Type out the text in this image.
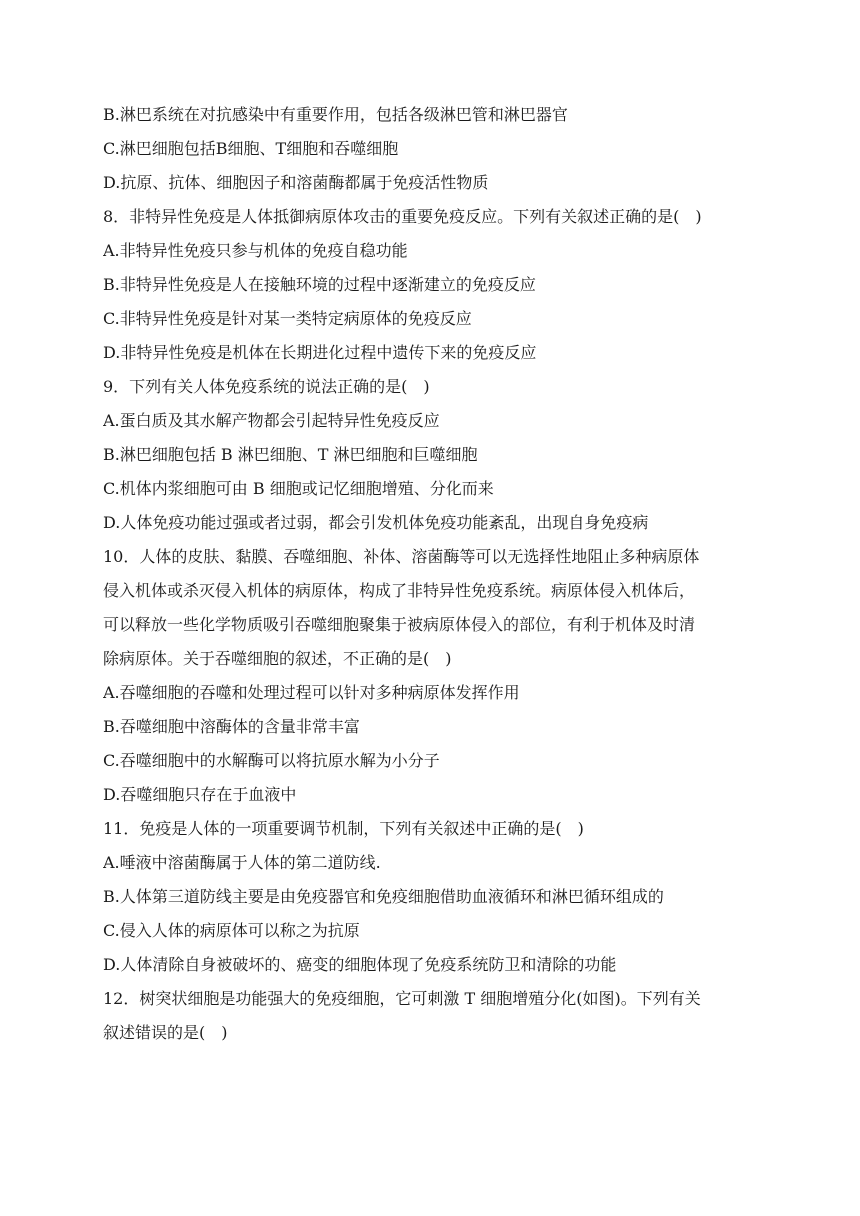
B.淋巴系统在对抗感染中有重要作用，包括各级淋巴管和淋巴器官
C.淋巴细胞包括B细胞、T细胞和吞噬细胞
D.抗原、抗体、细胞因子和溶菌酶都属于免疫活性物质
8．非特异性免疫是人体抵御病原体攻击的重要免疫反应。下列有关叙述正确的是(　)
A.非特异性免疫只参与机体的免疫自稳功能
B.非特异性免疫是人在接触环境的过程中逐渐建立的免疫反应
C.非特异性免疫是针对某一类特定病原体的免疫反应
D.非特异性免疫是机体在长期进化过程中遗传下来的免疫反应
9．下列有关人体免疫系统的说法正确的是(　)
A.蛋白质及其水解产物都会引起特异性免疫反应
B.淋巴细胞包括 B 淋巴细胞、T 淋巴细胞和巨噬细胞
C.机体内浆细胞可由 B 细胞或记忆细胞增殖、分化而来
D.人体免疫功能过强或者过弱，都会引发机体免疫功能紊乱，出现自身免疫病
10．人体的皮肤、黏膜、吞噬细胞、补体、溶菌酶等可以无选择性地阻止多种病原体
侵入机体或杀灭侵入机体的病原体，构成了非特异性免疫系统。病原体侵入机体后，
可以释放一些化学物质吸引吞噬细胞聚集于被病原体侵入的部位，有利于机体及时清
除病原体。关于吞噬细胞的叙述，不正确的是(　)
A.吞噬细胞的吞噬和处理过程可以针对多种病原体发挥作用
B.吞噬细胞中溶酶体的含量非常丰富
C.吞噬细胞中的水解酶可以将抗原水解为小分子
D.吞噬细胞只存在于血液中
11．免疫是人体的一项重要调节机制，下列有关叙述中正确的是(　)
A.唾液中溶菌酶属于人体的第二道防线.
B.人体第三道防线主要是由免疫器官和免疫细胞借助血液循环和淋巴循环组成的
C.侵入人体的病原体可以称之为抗原
D.人体清除自身被破坏的、癌变的细胞体现了免疫系统防卫和清除的功能
12．树突状细胞是功能强大的免疫细胞，它可刺激 T 细胞增殖分化(如图)。下列有关
叙述错误的是(　)
